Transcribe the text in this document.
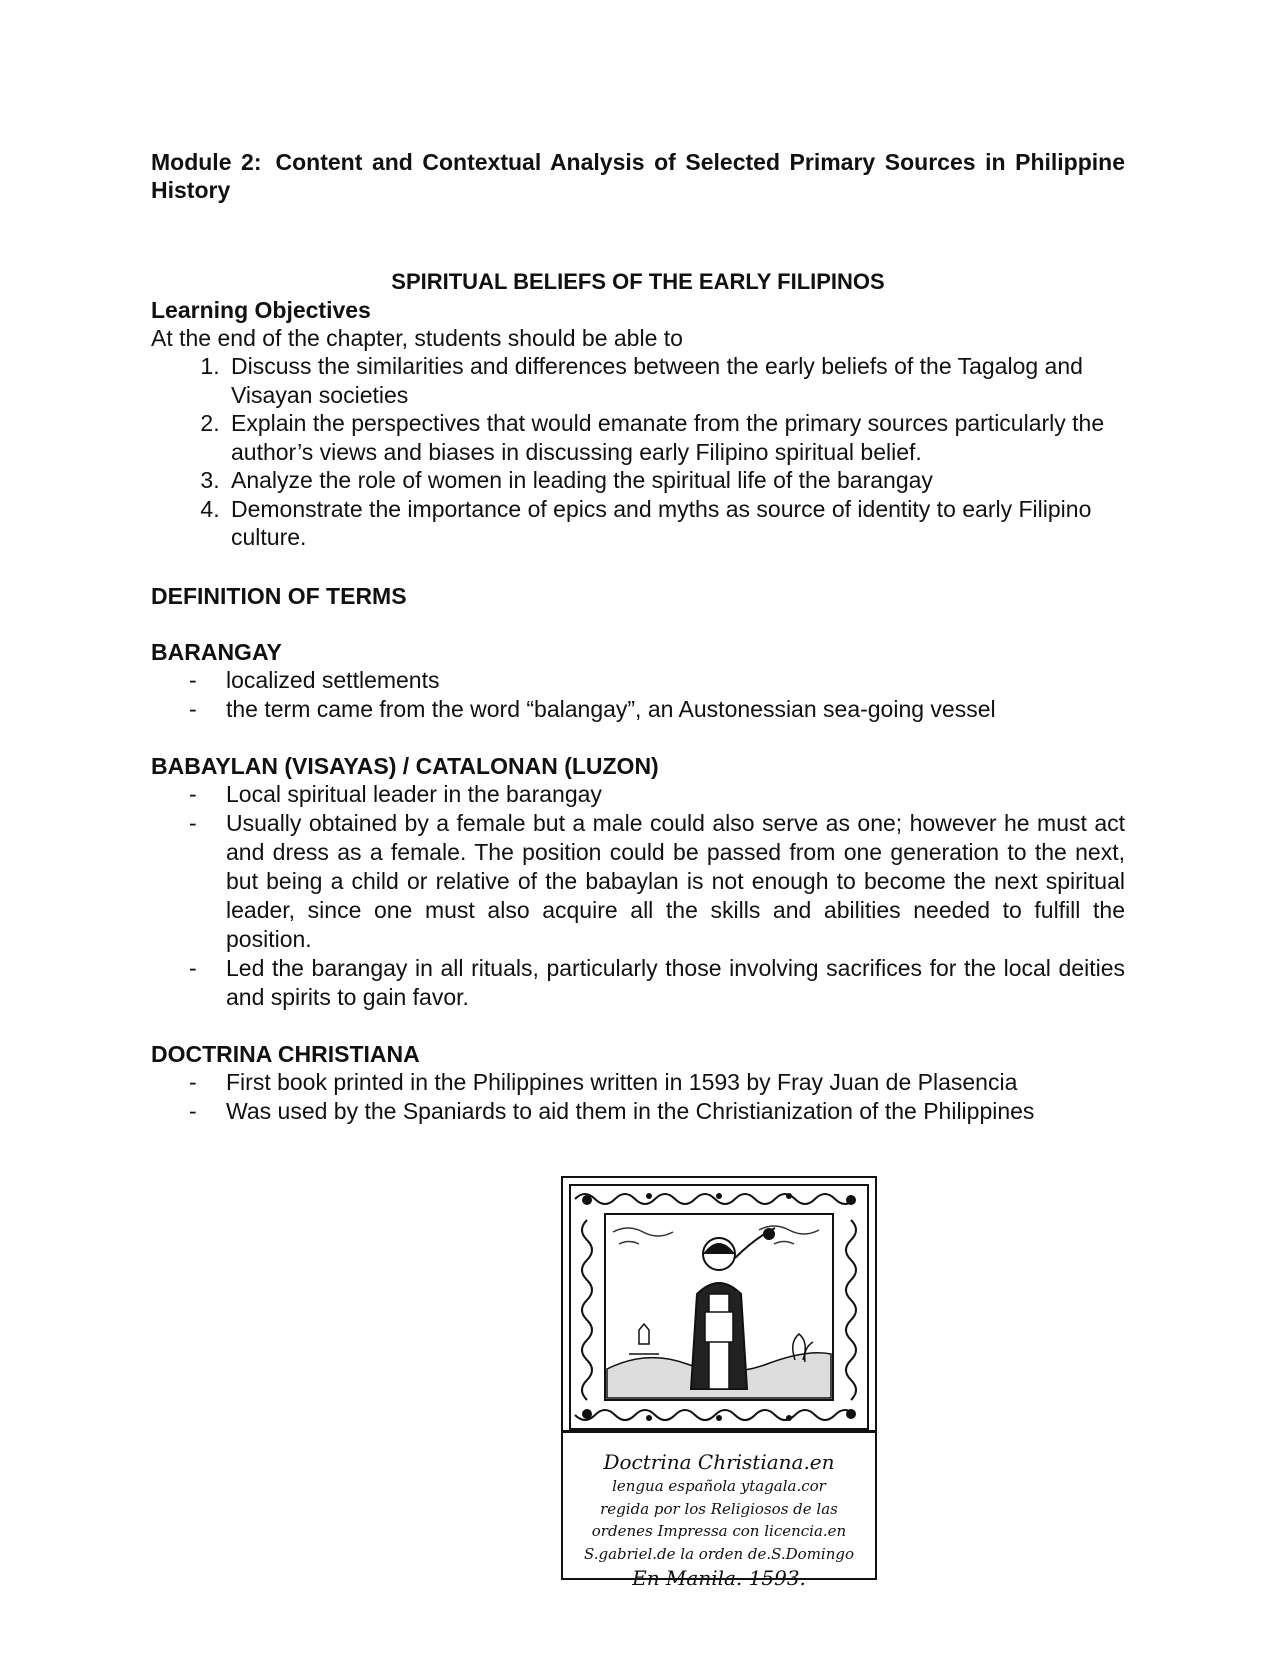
Module 2: Content and Contextual Analysis of Selected Primary Sources in Philippine History

SPIRITUAL BELIEFS OF THE EARLY FILIPINOS

Learning Objectives

At the end of the chapter, students should be able to

1. Discuss the similarities and differences between the early beliefs of the Tagalog and Visayan societies
2. Explain the perspectives that would emanate from the primary sources particularly the author’s views and biases in discussing early Filipino spiritual belief.
3. Analyze the role of women in leading the spiritual life of the barangay
4. Demonstrate the importance of epics and myths as source of identity to early Filipino culture.

DEFINITION OF TERMS

BARANGAY

- localized settlements
- the term came from the word “balangay”, an Austonessian sea-going vessel

BABAYLAN (VISAYAS) / CATALONAN (LUZON)

- Local spiritual leader in the barangay
- Usually obtained by a female but a male could also serve as one; however he must act and dress as a female. The position could be passed from one generation to the next, but being a child or relative of the babaylan is not enough to become the next spiritual leader, since one must also acquire all the skills and abilities needed to fulfill the position.
- Led the barangay in all rituals, particularly those involving sacrifices for the local deities and spirits to gain favor.

DOCTRINA CHRISTIANA

- First book printed in the Philippines written in 1593 by Fray Juan de Plasencia
- Was used by the Spaniards to aid them in the Christianization of the Philippines
Doctrina Christiana.en
lengua española ytagala.cor
regida por los Religiosos de las
ordenes Impressa con licencia.en
S.gabriel.de la orden de.S.Domingo
En Manila. 1593.
